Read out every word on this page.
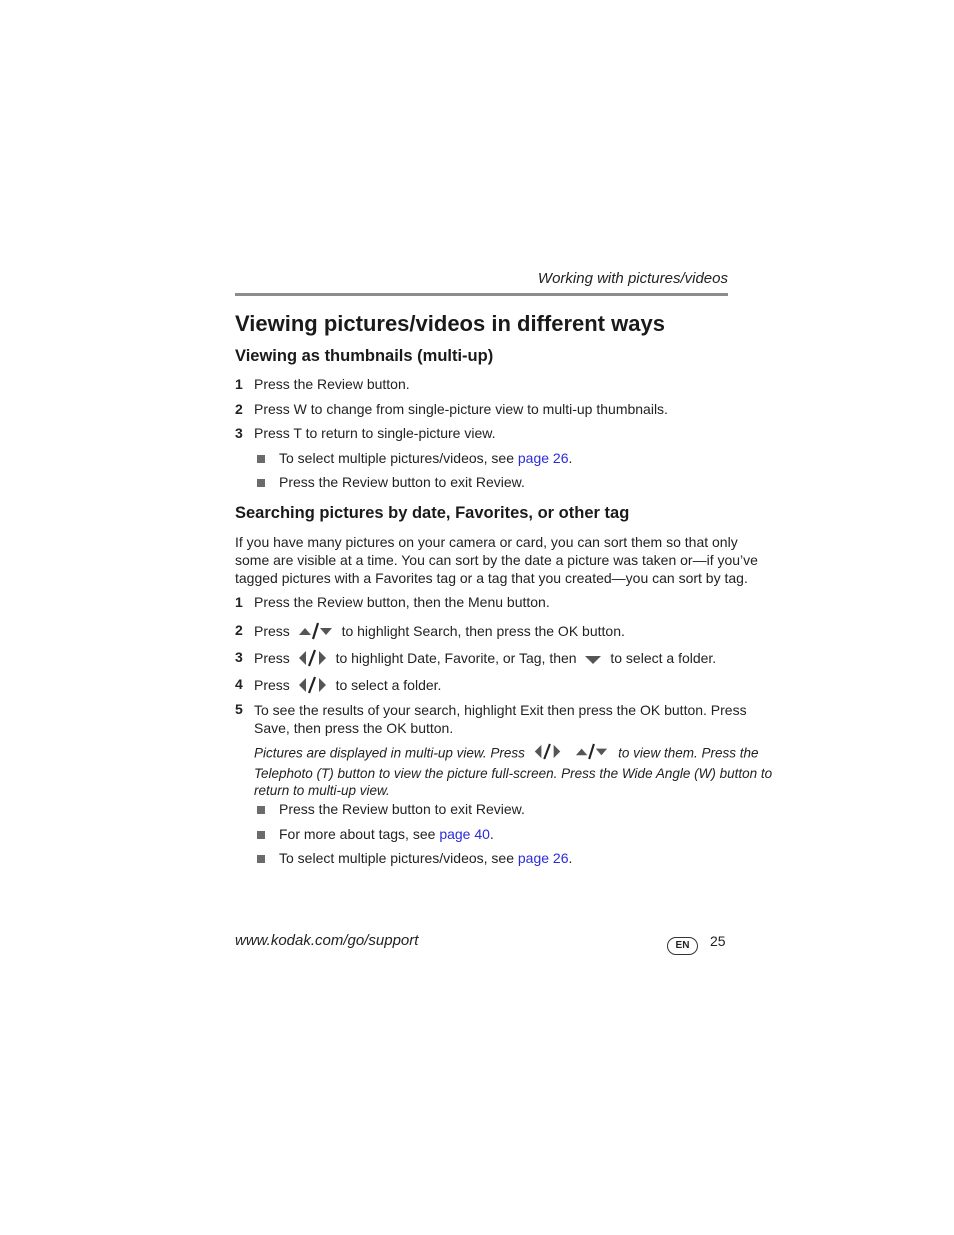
Working with pictures/videos
Viewing pictures/videos in different ways
Viewing as thumbnails (multi-up)
1 Press the Review button.
2 Press W to change from single-picture view to multi-up thumbnails.
3 Press T to return to single-picture view.
To select multiple pictures/videos, see page 26.
Press the Review button to exit Review.
Searching pictures by date, Favorites, or other tag
If you have many pictures on your camera or card, you can sort them so that only
some are visible at a time. You can sort by the date a picture was taken or—if you’ve
tagged pictures with a Favorites tag or a tag that you created—you can sort by tag.
1 Press the Review button, then the Menu button.
2 Press	to highlight Search, then press the OK button.
3 Press	to highlight Date, Favorite, or Tag, then to select a folder.
4 Press	to select a folder.
5 To see the results of your search, highlight Exit then press the OK button. Press
Save, then press the OK button.
Pictures are displayed in multi-up view. Press	to view them. Press the
Telephoto (T) button to view the picture full-screen. Press the Wide Angle (W) button to
return to multi-up view.
Press the Review button to exit Review.
For more about tags, see page 40.
To select multiple pictures/videos, see page 26.
www.kodak.com/go/support	EN	25
